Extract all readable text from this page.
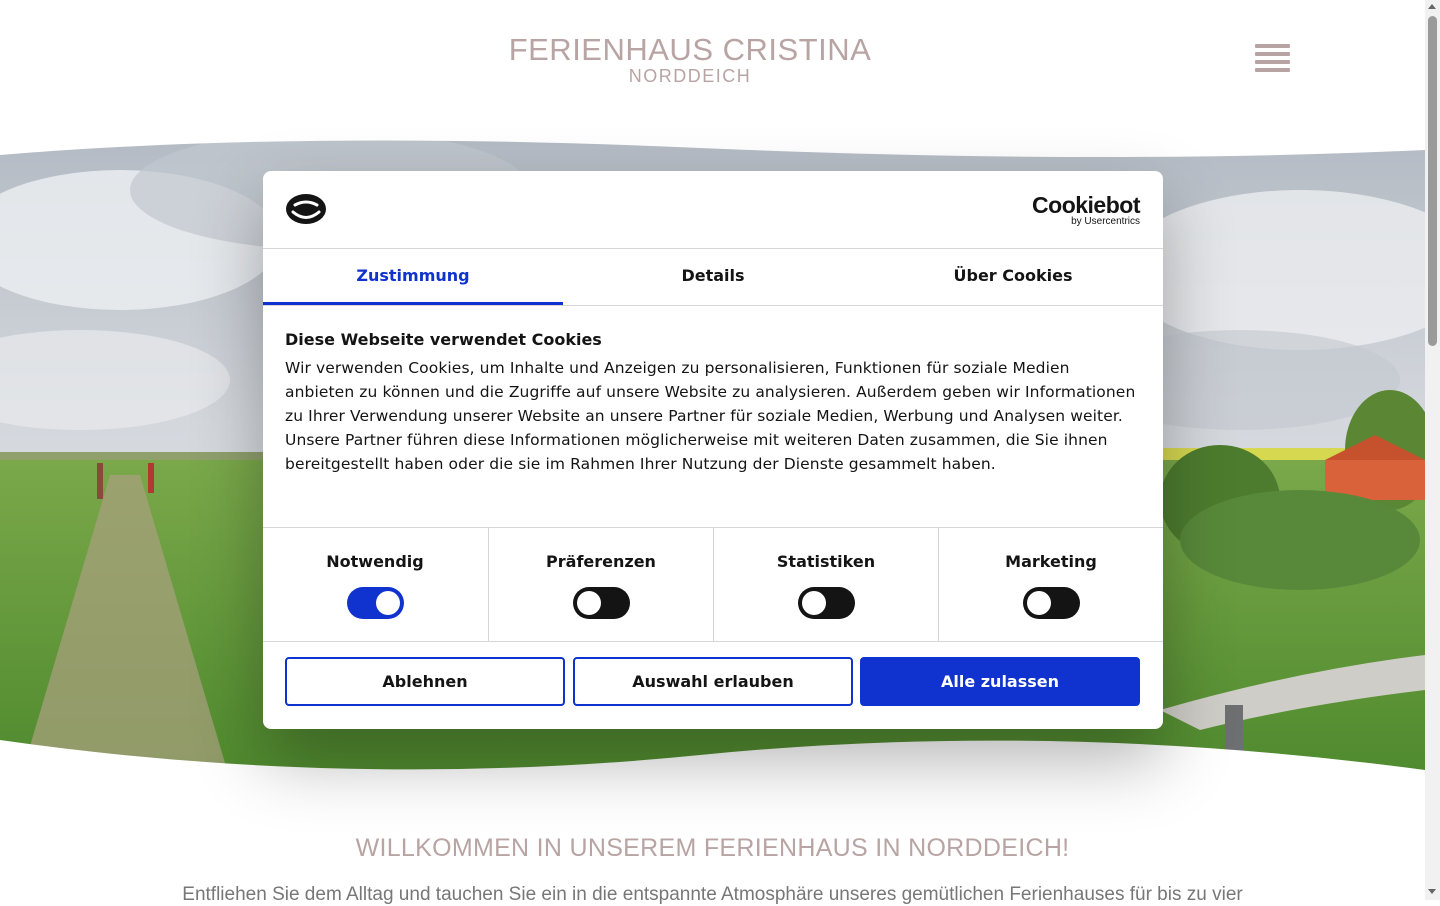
FERIENHAUS CRISTINA
NORDDEICH
WILLKOMMEN IN UNSEREM FERIENHAUS IN NORDDEICH!

Entfliehen Sie dem Alltag und tauchen Sie ein in die entspannte Atmosphäre unseres gemütlichen Ferienhauses für bis zu vier

Cookiebot
by Usercentrics
Zustimmung	Details	Über Cookies
Diese Webseite verwendet Cookies

Wir verwenden Cookies, um Inhalte und Anzeigen zu personalisieren, Funktionen für soziale Medien anbieten zu können und die Zugriffe auf unsere Website zu analysieren. Außerdem geben wir Informationen zu Ihrer Verwendung unserer Website an unsere Partner für soziale Medien, Werbung und Analysen weiter. Unsere Partner führen diese Informationen möglicherweise mit weiteren Daten zusammen, die Sie ihnen bereitgestellt haben oder die sie im Rahmen Ihrer Nutzung der Dienste gesammelt haben.

Notwendig	Präferenzen	Statistiken	Marketing
Ablehnen	Auswahl erlauben	Alle zulassen
